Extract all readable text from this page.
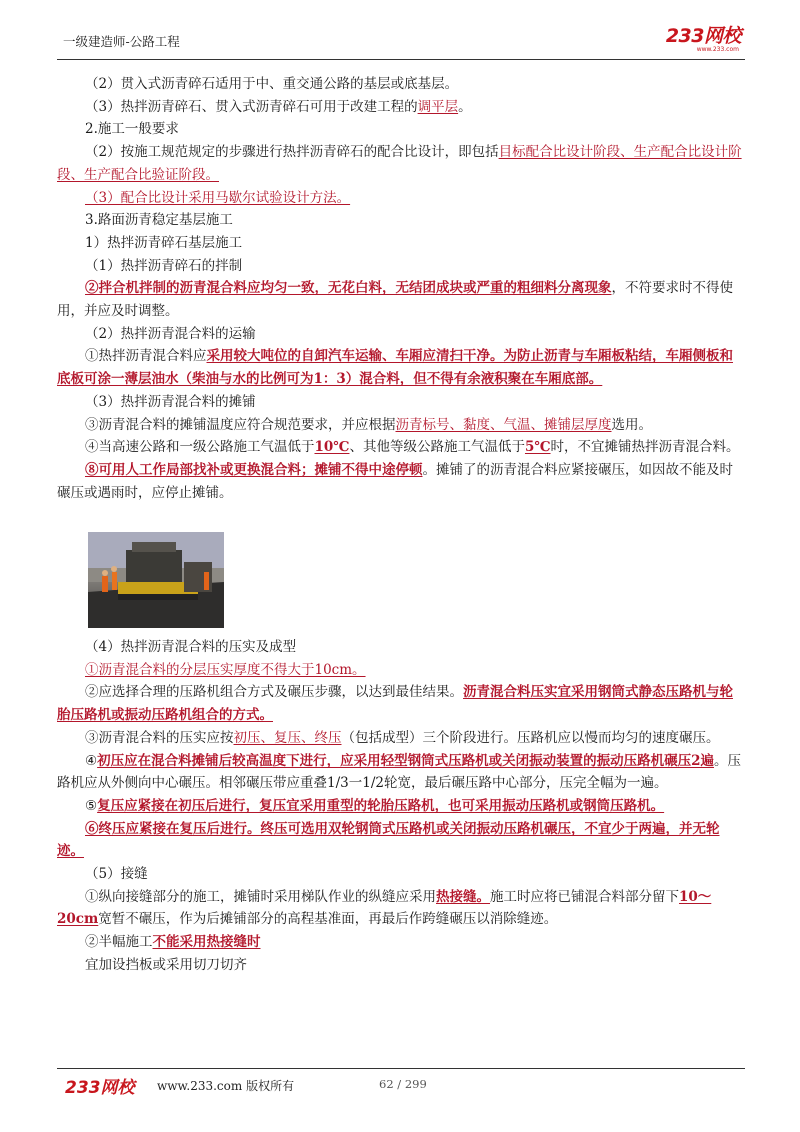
一级建造师-公路工程	233网校
www.233.com

（2）贯入式沥青碎石适用于中、重交通公路的基层或底基层。

（3）热拌沥青碎石、贯入式沥青碎石可用于改建工程的调平层。

2.施工一般要求

（2）按施工规范规定的步骤进行热拌沥青碎石的配合比设计，即包括目标配合比设计阶段、生产配合比设计阶段、生产配合比验证阶段。

（3）配合比设计采用马歇尔试验设计方法。

3.路面沥青稳定基层施工

1）热拌沥青碎石基层施工

（1）热拌沥青碎石的拌制

②拌合机拌制的沥青混合料应均匀一致，无花白料，无结团成块或严重的粗细料分离现象，不符要求时不得使用，并应及时调整。

（2）热拌沥青混合料的运输

①热拌沥青混合料应采用较大吨位的自卸汽车运输、车厢应清扫干净。为防止沥青与车厢板粘结，车厢侧板和底板可涂一薄层油水（柴油与水的比例可为1：3）混合料，但不得有余液积聚在车厢底部。

（3）热拌沥青混合料的摊铺

③沥青混合料的摊铺温度应符合规范要求，并应根据沥青标号、黏度、气温、摊铺层厚度选用。

④当高速公路和一级公路施工气温低于10℃、其他等级公路施工气温低于5℃时，不宜摊铺热拌沥青混合料。

⑧可用人工作局部找补或更换混合料；摊铺不得中途停顿。摊铺了的沥青混合料应紧接碾压，如因故不能及时碾压或遇雨时，应停止摊铺。

（4）热拌沥青混合料的压实及成型

①沥青混合料的分层压实厚度不得大于10cm。

②应选择合理的压路机组合方式及碾压步骤，以达到最佳结果。沥青混合料压实宜采用钢筒式静态压路机与轮胎压路机或振动压路机组合的方式。

③沥青混合料的压实应按初压、复压、终压（包括成型）三个阶段进行。压路机应以慢而均匀的速度碾压。

④初压应在混合料摊铺后较高温度下进行，应采用轻型钢筒式压路机或关闭振动装置的振动压路机碾压2遍。压路机应从外侧向中心碾压。相邻碾压带应重叠1/3一1/2轮宽，最后碾压路中心部分，压完全幅为一遍。

⑤复压应紧接在初压后进行，复压宜采用重型的轮胎压路机，也可采用振动压路机或钢筒压路机。

⑥终压应紧接在复压后进行。终压可选用双轮钢筒式压路机或关闭振动压路机碾压，不宜少于两遍，并无轮迹。

（5）接缝

①纵向接缝部分的施工，摊铺时采用梯队作业的纵缝应采用热接缝。施工时应将已铺混合料部分留下10～20cm宽暂不碾压，作为后摊铺部分的高程基准面，再最后作跨缝碾压以消除缝迹。

②半幅施工不能采用热接缝时

宜加设挡板或采用切刀切齐

233网校 www.233.com 版权所有	62 / 299
